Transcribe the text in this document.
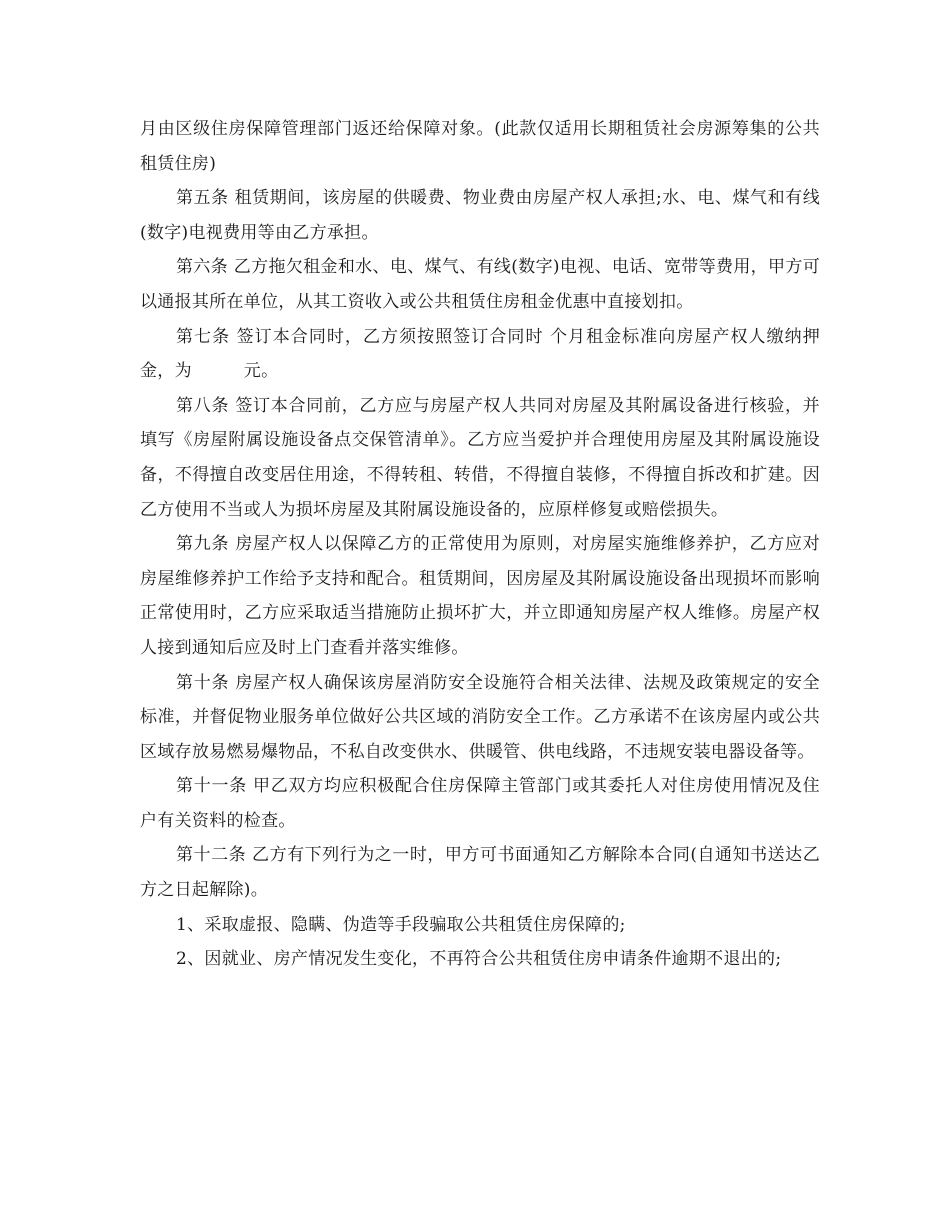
月由区级住房保障管理部门返还给保障对象。(此款仅适用长期租赁社会房源筹集的公共租赁住房)

第五条 租赁期间，该房屋的供暖费、物业费由房屋产权人承担;水、电、煤气和有线(数字)电视费用等由乙方承担。

第六条 乙方拖欠租金和水、电、煤气、有线(数字)电视、电话、宽带等费用，甲方可以通报其所在单位，从其工资收入或公共租赁住房租金优惠中直接划扣。

第七条 签订本合同时，乙方须按照签订合同时 个月租金标准向房屋产权人缴纳押金，为　　　元。

第八条 签订本合同前，乙方应与房屋产权人共同对房屋及其附属设备进行核验，并填写《房屋附属设施设备点交保管清单》。乙方应当爱护并合理使用房屋及其附属设施设备，不得擅自改变居住用途，不得转租、转借，不得擅自装修，不得擅自拆改和扩建。因乙方使用不当或人为损坏房屋及其附属设施设备的，应原样修复或赔偿损失。

第九条 房屋产权人以保障乙方的正常使用为原则，对房屋实施维修养护，乙方应对房屋维修养护工作给予支持和配合。租赁期间，因房屋及其附属设施设备出现损坏而影响正常使用时，乙方应采取适当措施防止损坏扩大，并立即通知房屋产权人维修。房屋产权人接到通知后应及时上门查看并落实维修。

第十条 房屋产权人确保该房屋消防安全设施符合相关法律、法规及政策规定的安全标准，并督促物业服务单位做好公共区域的消防安全工作。乙方承诺不在该房屋内或公共区域存放易燃易爆物品，不私自改变供水、供暖管、供电线路，不违规安装电器设备等。

第十一条 甲乙双方均应积极配合住房保障主管部门或其委托人对住房使用情况及住户有关资料的检查。

第十二条 乙方有下列行为之一时，甲方可书面通知乙方解除本合同(自通知书送达乙方之日起解除)。

1、采取虚报、隐瞒、伪造等手段骗取公共租赁住房保障的;

2、因就业、房产情况发生变化，不再符合公共租赁住房申请条件逾期不退出的;
